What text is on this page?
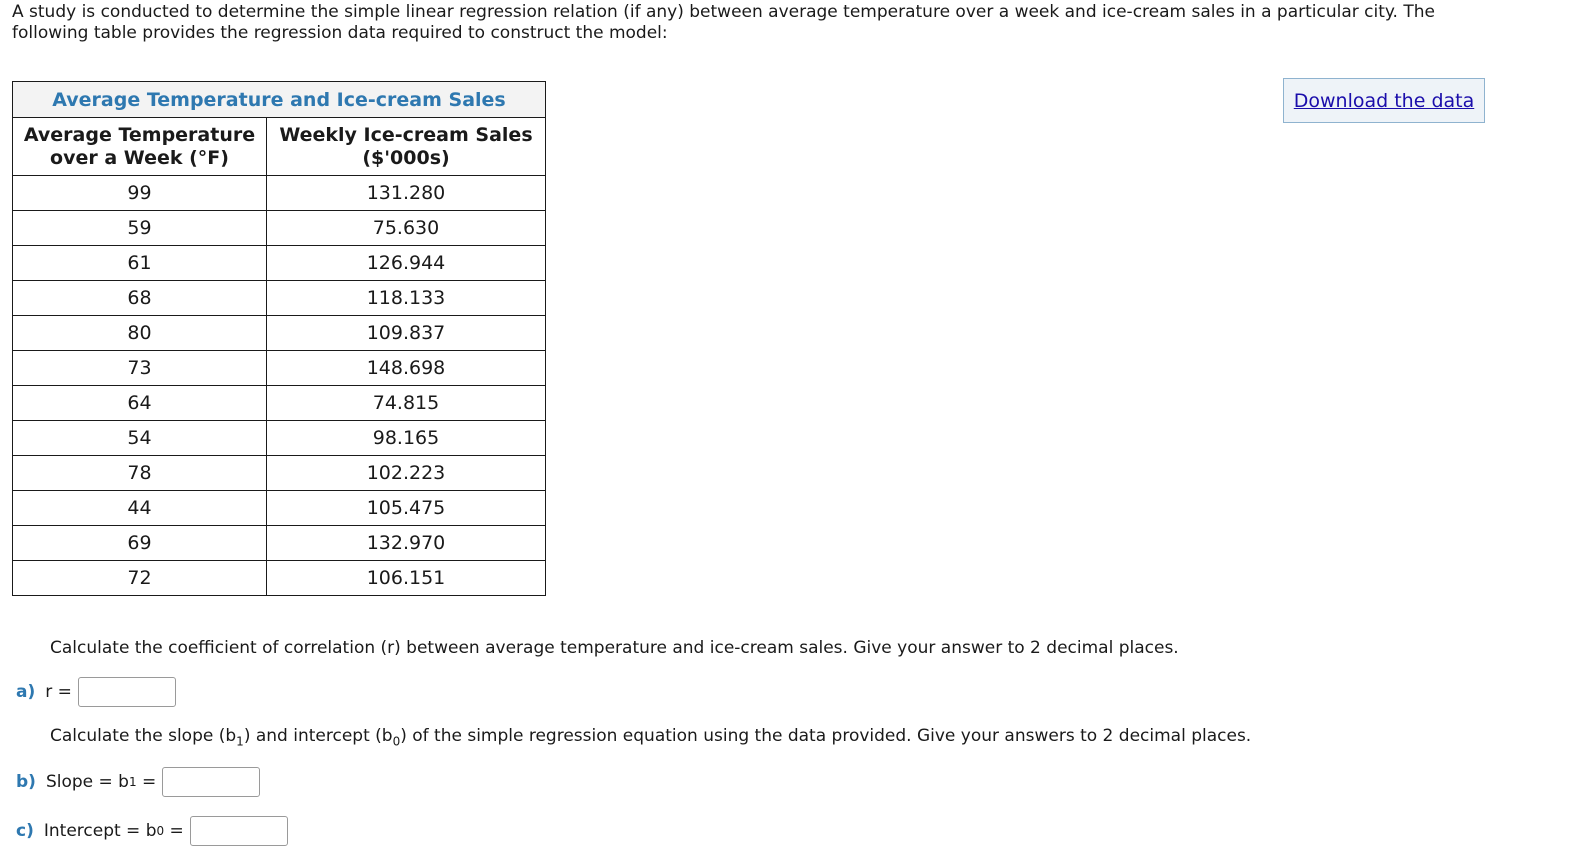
A study is conducted to determine the simple linear regression relation (if any) between average temperature over a week and ice-cream sales in a particular city. The following table provides the regression data required to construct the model:
Average Temperature and Ice-cream Sales	
Average Temperature over a Week (°F)	Weekly Ice-cream Sales ($'000s)
99	131.280
59	75.630
61	126.944
68	118.133
80	109.837
73	148.698
64	74.815
54	98.165
78	102.223
44	105.475
69	132.970
72	106.151
Download the data
Calculate the coefficient of correlation (r) between average temperature and ice-cream sales. Give your answer to 2 decimal places.
a) r =
Calculate the slope $(b_1)$ and intercept $(b_0)$ of the simple regression equation using the data provided. Give your answers to 2 decimal places.
b) Slope = b 1
=
c) Intercept = b 0
=
